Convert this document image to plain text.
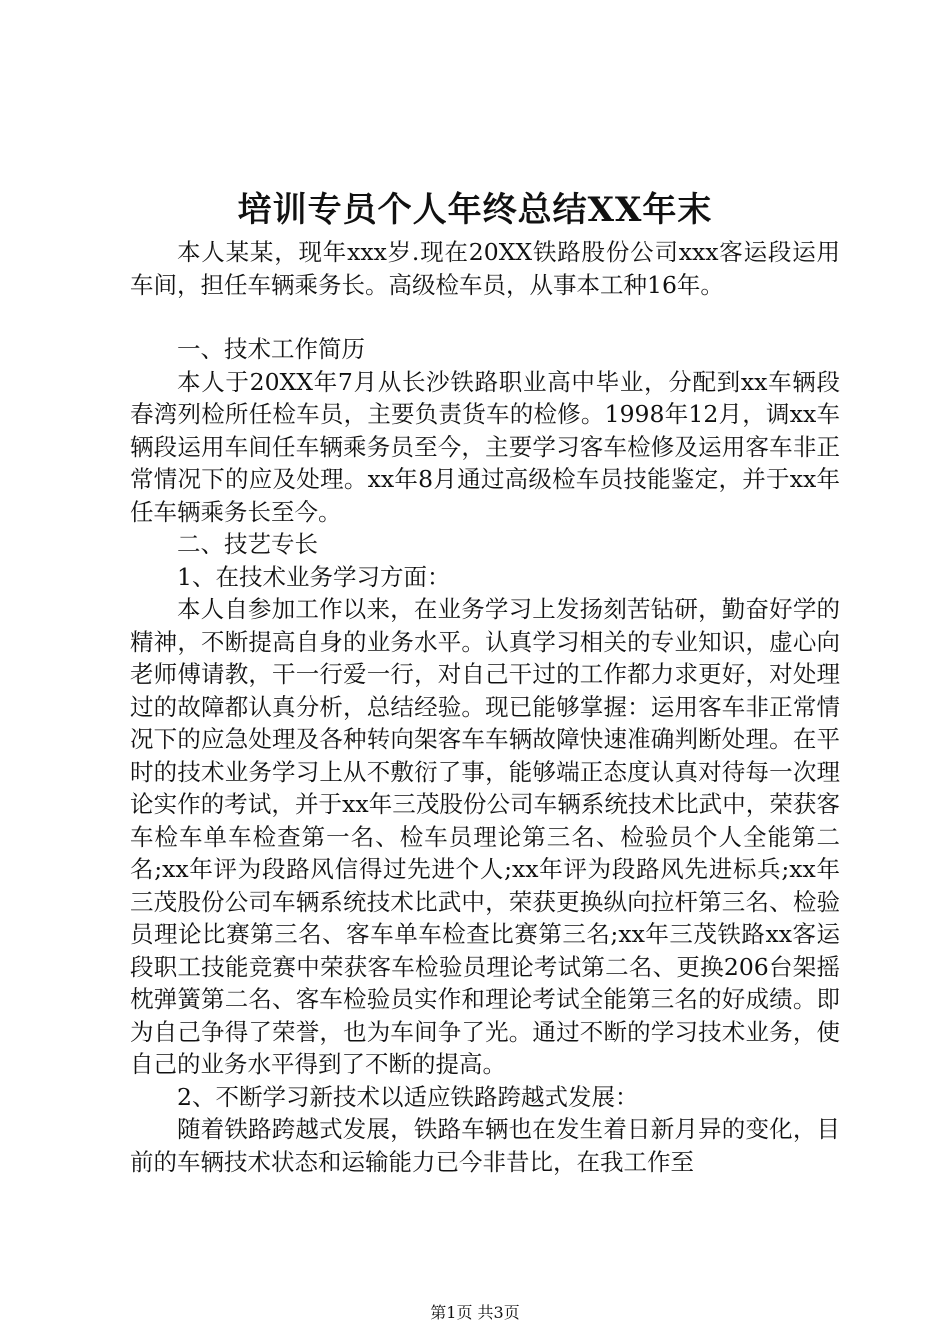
培训专员个人年终总结XX年末

本人某某，现年xxx岁.现在20XX铁路股份公司xxx客运段运用车间，担任车辆乘务长。高级检车员，从事本工种16年。

一、技术工作简历

本人于20XX年7月从长沙铁路职业高中毕业，分配到xx车辆段春湾列检所任检车员，主要负责货车的检修。1998年12月，调xx车辆段运用车间任车辆乘务员至今，主要学习客车检修及运用客车非正常情况下的应及处理。xx年8月通过高级检车员技能鉴定，并于xx年任车辆乘务长至今。

二、技艺专长

1、在技术业务学习方面：

本人自参加工作以来，在业务学习上发扬刻苦钻研，勤奋好学的精神，不断提高自身的业务水平。认真学习相关的专业知识，虚心向老师傅请教，干一行爱一行，对自己干过的工作都力求更好，对处理过的故障都认真分析，总结经验。现已能够掌握：运用客车非正常情况下的应急处理及各种转向架客车车辆故障快速准确判断处理。在平时的技术业务学习上从不敷衍了事，能够端正态度认真对待每一次理论实作的考试，并于xx年三茂股份公司车辆系统技术比武中，荣获客车检车单车检查第一名、检车员理论第三名、检验员个人全能第二名;xx年评为段路风信得过先进个人;xx年评为段路风先进标兵;xx年三茂股份公司车辆系统技术比武中，荣获更换纵向拉杆第三名、检验员理论比赛第三名、客车单车检查比赛第三名;xx年三茂铁路xx客运段职工技能竞赛中荣获客车检验员理论考试第二名、更换206台架摇枕弹簧第二名、客车检验员实作和理论考试全能第三名的好成绩。即为自己争得了荣誉，也为车间争了光。通过不断的学习技术业务，使自己的业务水平得到了不断的提高。

2、不断学习新技术以适应铁路跨越式发展：

随着铁路跨越式发展，铁路车辆也在发生着日新月异的变化，目前的车辆技术状态和运输能力已今非昔比，在我工作至

第1页 共3页
